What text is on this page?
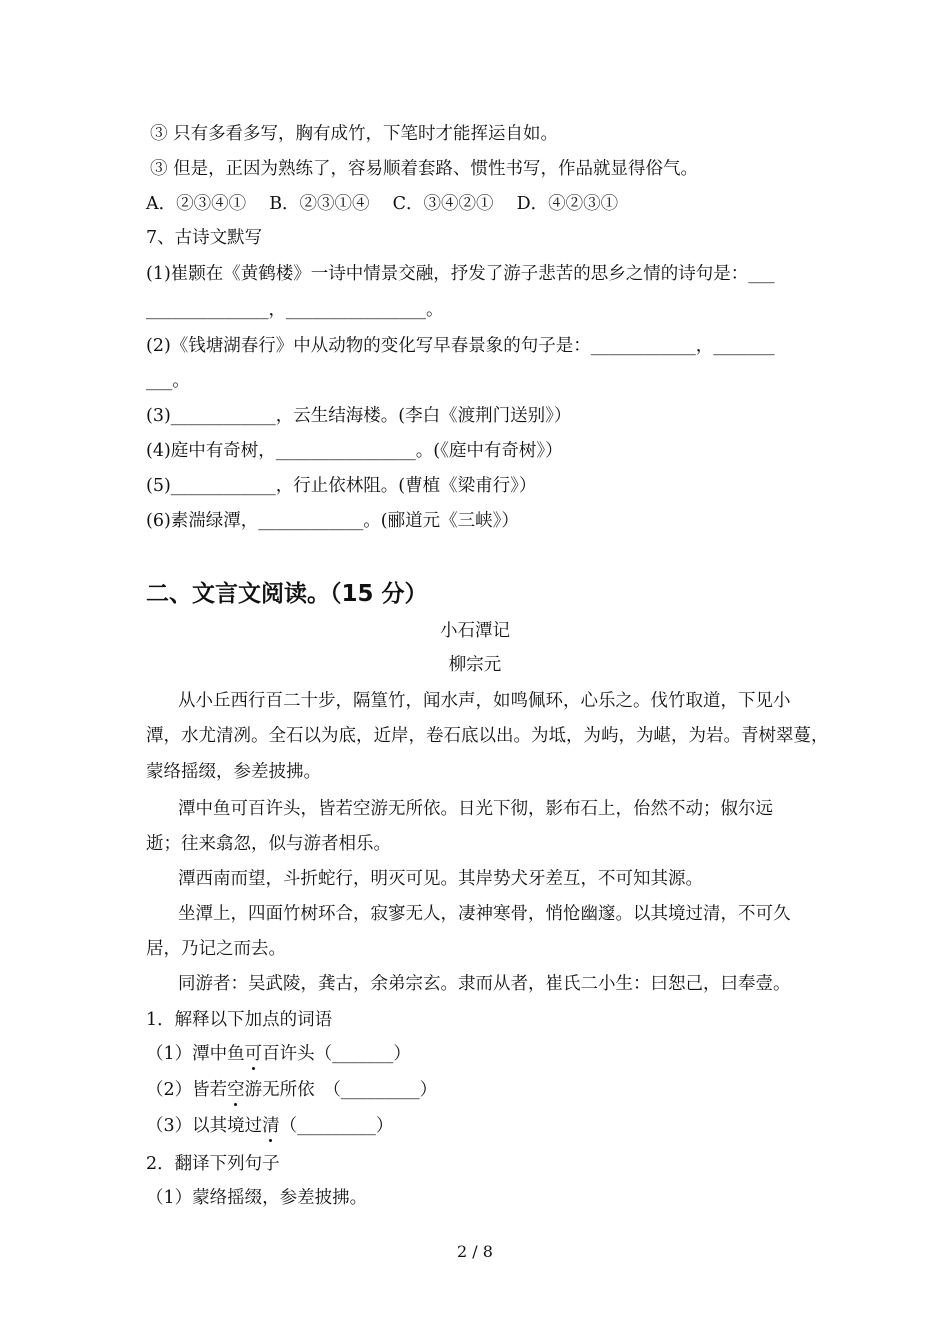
③ 只有多看多写，胸有成竹，下笔时才能挥运自如。
③ 但是，正因为熟练了，容易顺着套路、惯性书写，作品就显得俗气。
A．②③④①　 B．②③①④　 C．③④②①　 D．④②③①
7、古诗文默写
(1)崔颢在《黄鹤楼》一诗中情景交融，抒发了游子悲苦的思乡之情的诗句是：___
______________，________________。
(2)《钱塘湖春行》中从动物的变化写早春景象的句子是：____________，_______
___。
(3)____________，云生结海楼。(李白《渡荆门送别》）
(4)庭中有奇树，________________。(《庭中有奇树》）
(5)____________，行止依林阻。(曹植《梁甫行》）
(6)素湍绿潭，____________。(郦道元《三峡》）
二、文言文阅读。（15 分）
小石潭记
柳宗元
从小丘西行百二十步，隔篁竹，闻水声，如鸣佩环，心乐之。伐竹取道，下见小
潭，水尤清冽。全石以为底，近岸，卷石底以出。为坻，为屿，为嵁，为岩。青树翠蔓，
蒙络摇缀，参差披拂。
潭中鱼可百许头，皆若空游无所依。日光下彻，影布石上，佁然不动；俶尔远
逝；往来翕忽，似与游者相乐。
潭西南而望，斗折蛇行，明灭可见。其岸势犬牙差互，不可知其源。
坐潭上，四面竹树环合，寂寥无人，凄神寒骨，悄怆幽邃。以其境过清，不可久
居，乃记之而去。
同游者：吴武陵，龚古，余弟宗玄。隶而从者，崔氏二小生：曰恕己，曰奉壹。
1．解释以下加点的词语
（1）潭中鱼可百许头（_______）
（2）皆若空游无所依　（_________）
（3）以其境过清（_________）
2．翻译下列句子
（1）蒙络摇缀，参差披拂。
2 / 8
